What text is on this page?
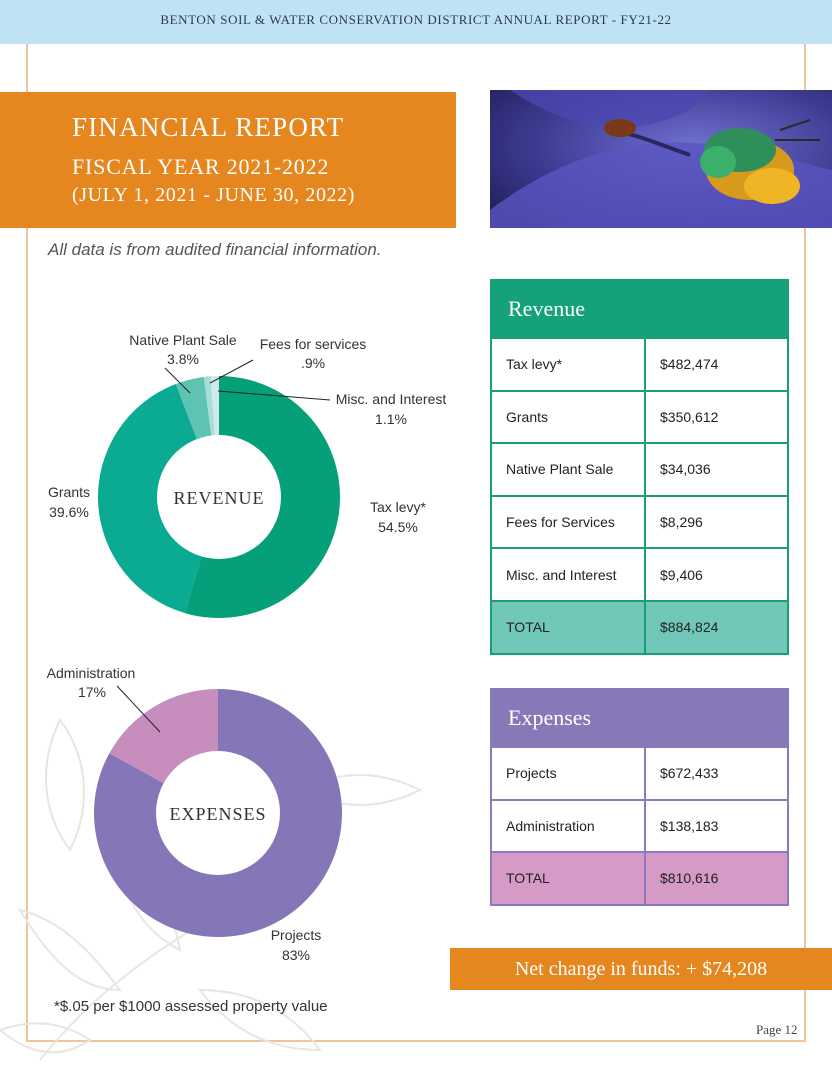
BENTON SOIL & WATER CONSERVATION DISTRICT ANNUAL REPORT - FY21-22
FINANCIAL REPORT
FISCAL YEAR 2021-2022
(JULY 1, 2021 - JUNE 30, 2022)
All data is from audited financial information.
REVENUE
Native Plant Sale
3.8%
Fees for services
.9%
Misc. and Interest
1.1%
Grants
39.6%	Tax levy*
54.5%
EXPENSES
Administration
17%
Projects
83%
Revenue
Tax levy*	$482,474
Grants	$350,612
Native Plant Sale	$34,036
Fees for Services	$8,296
Misc. and Interest	$9,406
TOTAL	$884,824
Expenses
Projects	$672,433
Administration	$138,183
TOTAL	$810,616
Net change in funds: + $74,208
*$.05 per $1000 assessed property value
Page 12
